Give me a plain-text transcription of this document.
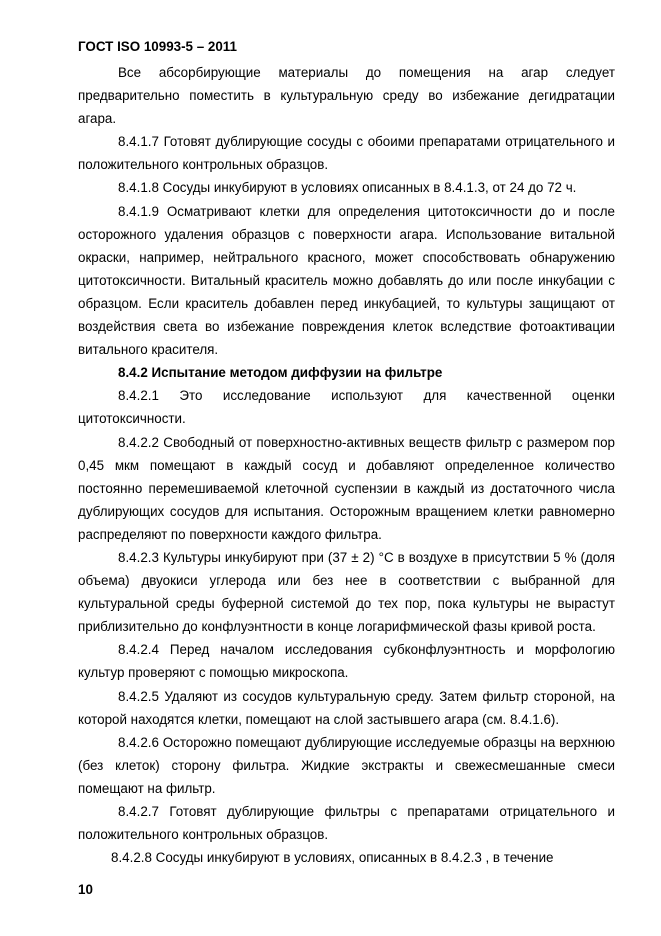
ГОСТ ISO 10993-5 – 2011

Все абсорбирующие материалы до помещения на агар следует предварительно поместить в культуральную среду во избежание дегидратации агара.

8.4.1.7 Готовят дублирующие сосуды с обоими препаратами отрицательного и положительного контрольных образцов.

8.4.1.8 Сосуды инкубируют в условиях описанных в 8.4.1.3, от 24 до 72 ч.

8.4.1.9 Осматривают клетки для определения цитотоксичности до и после осторожного удаления образцов с поверхности агара. Использование витальной окраски, например, нейтрального красного, может способствовать обнаружению цитотоксичности. Витальный краситель можно добавлять до или после инкубации с образцом. Если краситель добавлен перед инкубацией, то культуры защищают от воздействия света во избежание повреждения клеток вследствие фотоактивации витального красителя.

8.4.2 Испытание методом диффузии на фильтре

8.4.2.1 Это исследование используют для качественной оценки цитотоксичности.

8.4.2.2 Свободный от поверхностно-активных веществ фильтр с размером пор 0,45 мкм помещают в каждый сосуд и добавляют определенное количество постоянно перемешиваемой клеточной суспензии в каждый из достаточного числа дублирующих сосудов для испытания. Осторожным вращением клетки равномерно распределяют по поверхности каждого фильтра.

8.4.2.3 Культуры инкубируют при (37 ± 2) °С в воздухе в присутствии 5 % (доля объема) двуокиси углерода или без нее в соответствии с выбранной для культуральной среды буферной системой до тех пор, пока культуры не вырастут приблизительно до конфлуэнтности в конце логарифмической фазы кривой роста.

8.4.2.4 Перед началом исследования субконфлуэнтность и морфологию культур проверяют с помощью микроскопа.

8.4.2.5 Удаляют из сосудов культуральную среду. Затем фильтр стороной, на которой находятся клетки, помещают на слой застывшего агара (см. 8.4.1.6).

8.4.2.6 Осторожно помещают дублирующие исследуемые образцы на верхнюю (без клеток) сторону фильтра. Жидкие экстракты и свежесмешанные смеси помещают на фильтр.

8.4.2.7 Готовят дублирующие фильтры с препаратами отрицательного и положительного контрольных образцов.

8.4.2.8 Сосуды инкубируют в условиях, описанных в 8.4.2.3 , в течение

10
